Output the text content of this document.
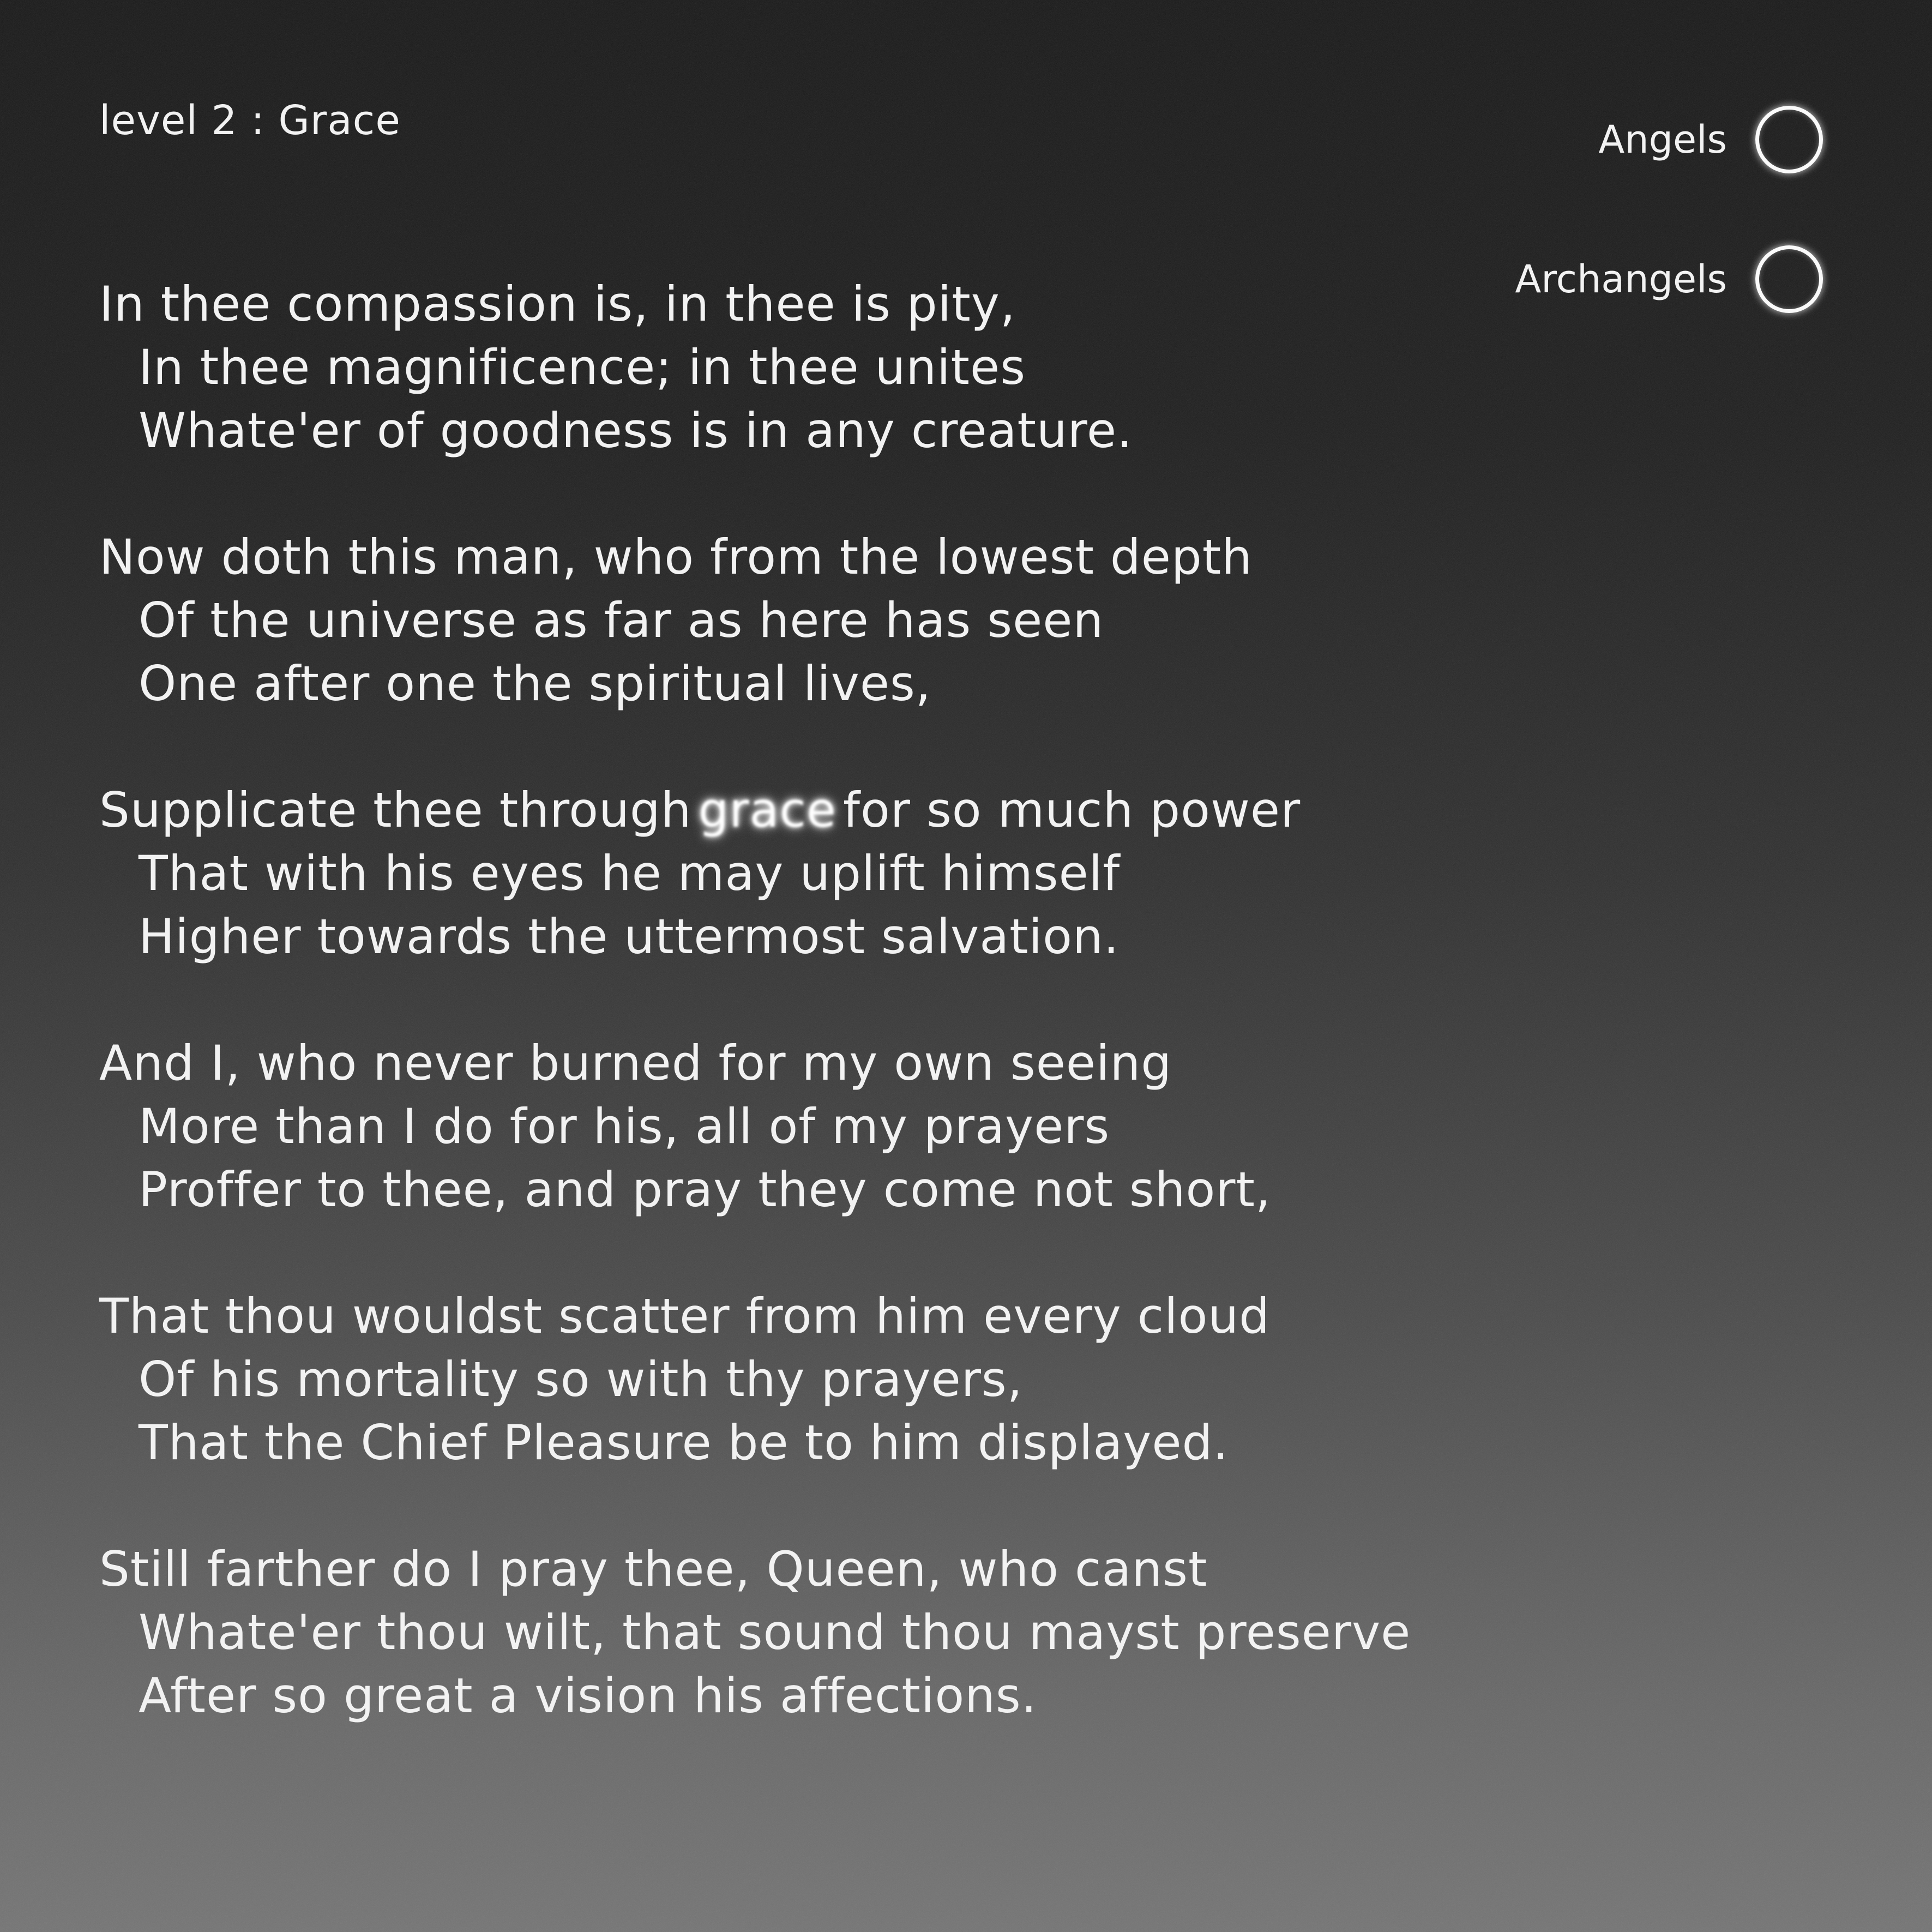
level 2 : Grace	Angels
Archangels
In thee compassion is, in thee is pity,
In thee magnificence; in thee unites
Whate'er of goodness is in any creature.
Now doth this man, who from the lowest depth
Of the universe as far as here has seen
One after one the spiritual lives,
Supplicate thee through grace for so much power
That with his eyes he may uplift himself
Higher towards the uttermost salvation.
And I, who never burned for my own seeing
More than I do for his, all of my prayers
Proffer to thee, and pray they come not short,
That thou wouldst scatter from him every cloud
Of his mortality so with thy prayers,
That the Chief Pleasure be to him displayed.
Still farther do I pray thee, Queen, who canst
Whate'er thou wilt, that sound thou mayst preserve
After so great a vision his affections.
